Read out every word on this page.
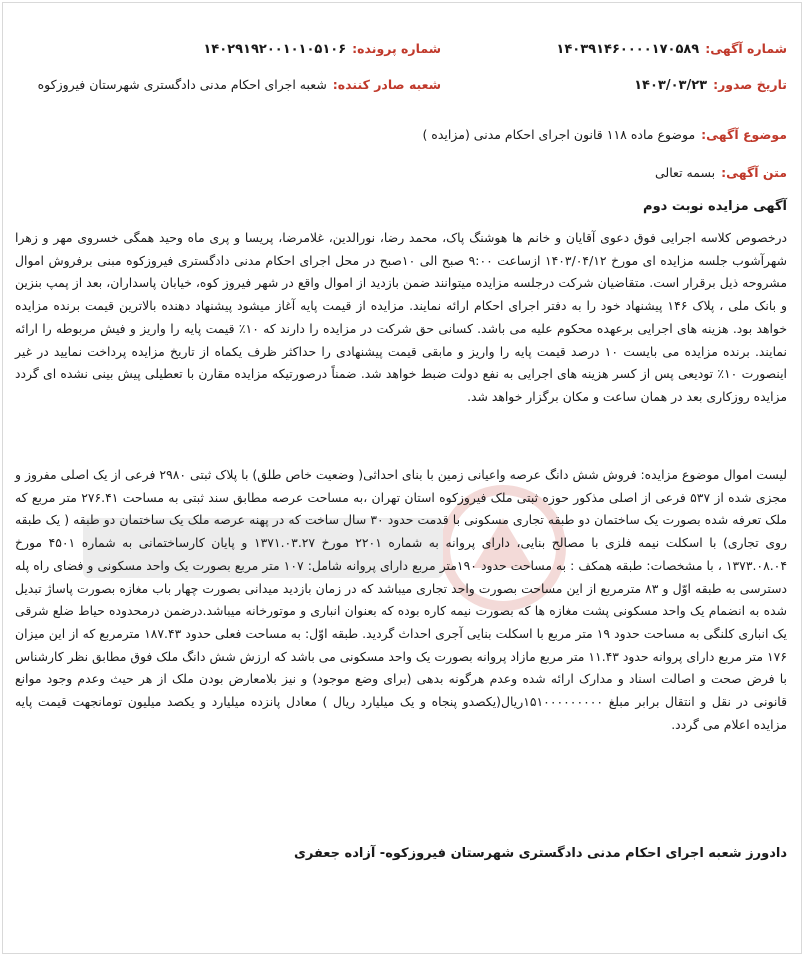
شماره آگهی:
۱۴۰۳۹۱۴۶۰۰۰۰۱۷۰۵۸۹
شماره پرونده:
۱۴۰۲۹۱۹۲۰۰۱۰۱۰۵۱۰۶
تاریخ صدور:
۱۴۰۳/۰۳/۲۳
شعبه صادر کننده:
شعبه اجرای احکام مدنی دادگستری شهرستان فیروزکوه
موضوع آگهی:
موضوع ماده ۱۱۸ قانون اجرای احکام مدنی (مزایده )
متن آگهی:
بسمه تعالی
آگهی مزایده نوبت دوم
درخصوص کلاسه اجرایی فوق دعوی آقایان و خانم ها هوشنگ پاک، محمد رضا، نورالدین، غلامرضا، پریسا و پری ماه وحید همگی خسروی مهر و زهرا شهرآشوب جلسه مزایده ای مورخ ۱۴۰۳/۰۴/۱۲ ازساعت ۹:۰۰ صبح الی ۱۰صبح در محل اجرای احکام مدنی دادگستری فیروزکوه مبنی برفروش اموال مشروحه ذیل برقرار است. متقاضیان شرکت درجلسه مزایده میتوانند ضمن بازدید از اموال واقع در شهر فیروز کوه، خیابان پاسداران، بعد از پمپ بنزین و بانک ملی ، پلاک ۱۴۶ پیشنهاد خود را به دفتر اجرای احکام ارائه نمایند. مزایده از قیمت پایه آغاز میشود پیشنهاد دهنده بالاترین قیمت برنده مزایده خواهد بود. هزینه های اجرایی برعهده محکوم علیه می باشد. کسانی حق شرکت در مزایده را دارند که ۱۰٪ قیمت پایه را واریز و فیش مربوطه را ارائه نمایند. برنده مزایده می بایست ۱۰ درصد قیمت پایه را واریز و مابقی قیمت پیشنهادی را حداکثر ظرف یکماه از تاریخ مزایده پرداخت نمایید در غیر اینصورت ۱۰٪ تودیعی پس از کسر هزینه های اجرایی به نفع دولت ضبط خواهد شد. ضمناً درصورتیکه مزایده مقارن با تعطیلی پیش بینی نشده ای گردد مزایده روزکاری بعد در همان ساعت و مکان برگزار خواهد شد.
لیست اموال موضوع مزایده: فروش شش دانگ عرصه واعیانی زمین با بنای احداثی( وضعیت خاص طلق) با پلاک ثبتی ۲۹۸۰ فرعی از یک اصلی مفروز و مجزی شده از ۵۳۷ فرعی از اصلی مذکور حوزه ثبتی ملک فیروزکوه استان تهران ،به مساحت عرصه مطابق سند ثبتی به مساحت ۲۷۶.۴۱ متر مربع که ملک تعرفه شده بصورت یک ساختمان دو طبقه تجاری مسکونی با قدمت حدود ۳۰ سال ساخت که در پهنه عرصه ملک یک ساختمان دو طبقه ( یک طبقه روی تجاری) با اسکلت نیمه فلزی با مصالح بنایی، دارای پروانه به شماره ۲۲۰۱ مورخ ۱۳۷۱.۰۳.۲۷ و پایان کارساختمانی به شماره ۴۵۰۱ مورخ ۱۳۷۳.۰۸.۰۴ ، با مشخصات: طبقه همکف : به مساحت حدود ۱۹۰متر مربع دارای پروانه شامل: ۱۰۷ متر مربع بصورت یک واحد مسکونی و فضای راه پله دسترسی به طبقه اوّل و ۸۳ مترمربع از این مساحت بصورت واحد تجاری میباشد که در زمان بازدید میدانی بصورت چهار باب مغازه بصورت پاساژ تبدیل شده به انضمام یک واحد مسکونی پشت مغازه ها که بصورت نیمه کاره بوده که بعنوان انباری و موتورخانه میباشد.درضمن درمحدوده حیاط ضلع شرقی یک انباری کلنگی به مساحت حدود ۱۹ متر مربع با اسکلت بنایی آجری احداث گردید. طبقه اوّل: به مساحت فعلی حدود ۱۸۷.۴۳ مترمربع که از این میزان ۱۷۶ متر مربع دارای پروانه حدود ۱۱.۴۳ متر مربع مازاد پروانه بصورت یک واحد مسکونی می باشد که ارزش شش دانگ ملک فوق مطابق نظر کارشناس با فرض صحت و اصالت اسناد و مدارک ارائه شده وعدم هرگونه بدهی (برای وضع موجود) و نیز بلامعارض بودن ملک از هر حیث وعدم وجود موانع قانونی در نقل و انتقال برابر مبلغ ۱۵۱۰۰۰۰۰۰۰۰۰ریال(یکصدو پنجاه و یک میلیارد ریال ) معادل پانزده میلیارد و یکصد میلیون تومانجهت قیمت پایه مزایده اعلام می گردد.
دادورز شعبه اجرای احکام مدنی دادگستری شهرستان فیروزکوه- آزاده جعفری
